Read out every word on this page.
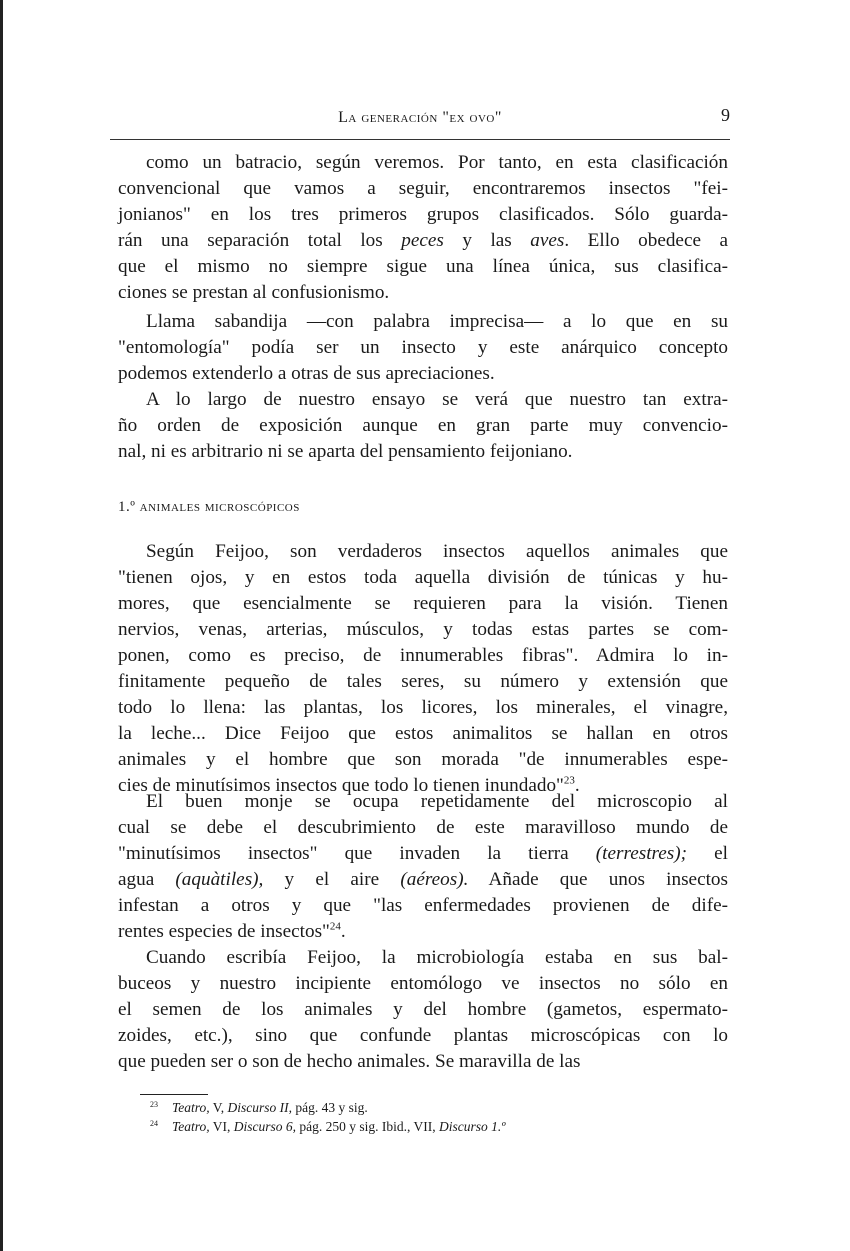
La generación "ex ovo"	9
como un batracio, según veremos. Por tanto, en esta clasificación
convencional que vamos a seguir, encontraremos insectos "fei-
jonianos" en los tres primeros grupos clasificados. Sólo guarda-
rán una separación total los peces y las aves. Ello obedece a
que el mismo no siempre sigue una línea única, sus clasifica-
ciones se prestan al confusionismo.
Llama sabandija —con palabra imprecisa— a lo que en su
"entomología" podía ser un insecto y este anárquico concepto
podemos extenderlo a otras de sus apreciaciones.
A lo largo de nuestro ensayo se verá que nuestro tan extra-
ño orden de exposición aunque en gran parte muy convencio-
nal, ni es arbitrario ni se aparta del pensamiento feijoniano.
Según Feijoo, son verdaderos insectos aquellos animales que
"tienen ojos, y en estos toda aquella división de túnicas y hu-
mores, que esencialmente se requieren para la visión. Tienen
nervios, venas, arterias, músculos, y todas estas partes se com-
ponen, como es preciso, de innumerables fibras". Admira lo in-
finitamente pequeño de tales seres, su número y extensión que
todo lo llena: las plantas, los licores, los minerales, el vinagre,
la leche... Dice Feijoo que estos animalitos se hallan en otros
animales y el hombre que son morada "de innumerables espe-
cies de minutísimos insectos que todo lo tienen inundado"$^{23}$.
El buen monje se ocupa repetidamente del microscopio al
cual se debe el descubrimiento de este maravilloso mundo de
"minutísimos insectos" que invaden la tierra (terrestres); el
agua (aquàtiles), y el aire (aéreos). Añade que unos insectos
infestan a otros y que "las enfermedades provienen de dife-
rentes especies de insectos"$^{24}$.
Cuando escribía Feijoo, la microbiología estaba en sus bal-
buceos y nuestro incipiente entomólogo ve insectos no sólo en
el semen de los animales y del hombre (gametos, espermato-
zoides, etc.), sino que confunde plantas microscópicas con lo
que pueden ser o son de hecho animales. Se maravilla de las
1.º animales microscópicos
$^{23}$ Teatro, V, Discurso II, pág. 43 y sig.
$^{24}$ Teatro, VI, Discurso 6, pág. 250 y sig. Ibid., VII, Discurso 1.º
